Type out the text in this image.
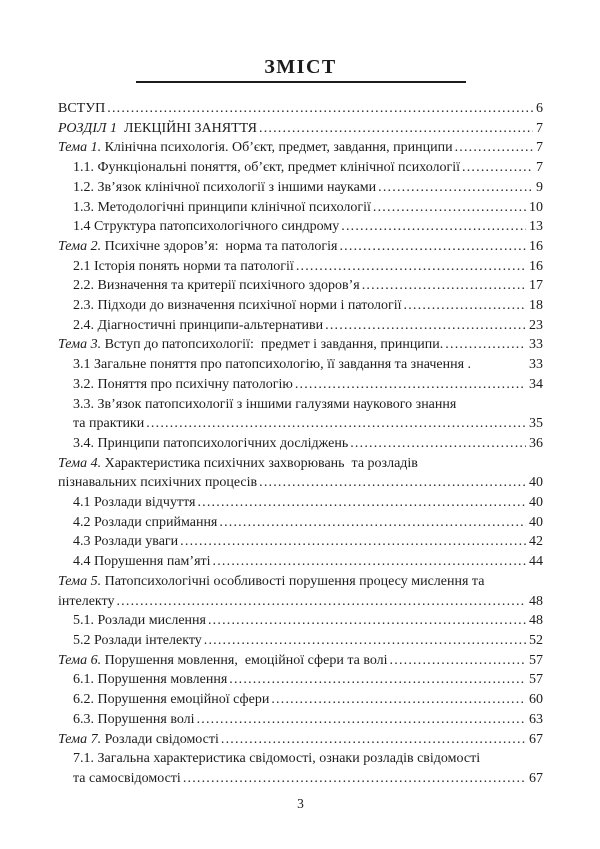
ЗМІСТ
ВСТУП .....	6
РОЗДІЛ 1 ЛЕКЦІЙНІ ЗАНЯТТЯ .....	7
Тема 1. Клінічна психологія. Об’єкт, предмет, завдання, принципи .....	7
1.1. Функціональні поняття, об’єкт, предмет клінічної психології .....	7
1.2. Зв’язок клінічної психології з іншими науками .....	9
1.3. Методологічні принципи клінічної психології .....	10
1.4 Структура патопсихологічного синдрому .....	13
Тема 2. Психічне здоров’я:  норма та патологія .....	16
2.1 Історія понять норми та патології .....	16
2.2. Визначення та критерії психічного здоров’я .....	17
2.3. Підходи до визначення психічної норми і патології .....	18
2.4. Діагностичні принципи-альтернативи .....	23
Тема 3. Вступ до патопсихології:  предмет і завдання, принципи. .....	33
3.1 Загальне поняття про патопсихологію, її завдання та значення .	33
3.2. Поняття про психічну патологію .....	34
3.3. Зв’язок патопсихології з іншими галузями наукового знання
та практики .....	35
3.4. Принципи патопсихологічних досліджень .....	36
Тема 4. Характеристика психічних захворювань  та розладів
пізнавальних психічних процесів .....	40
4.1 Розлади відчуття .....	40
4.2 Розлади сприймання .....	40
4.3 Розлади уваги .....	42
4.4 Порушення пам’яті .....	44
Тема 5. Патопсихологічні особливості порушення процесу мислення та
інтелекту .....	48
5.1. Розлади мислення .....	48
5.2 Розлади інтелекту .....	52
Тема 6. Порушення мовлення,  емоційної сфери та волі .....	57
6.1. Порушення мовлення .....	57
6.2. Порушення емоційної сфери .....	60
6.3. Порушення волі .....	63
Тема 7. Розлади свідомості .....	67
7.1. Загальна характеристика свідомості, ознаки розладів свідомості
та самосвідомості .....	67
3
